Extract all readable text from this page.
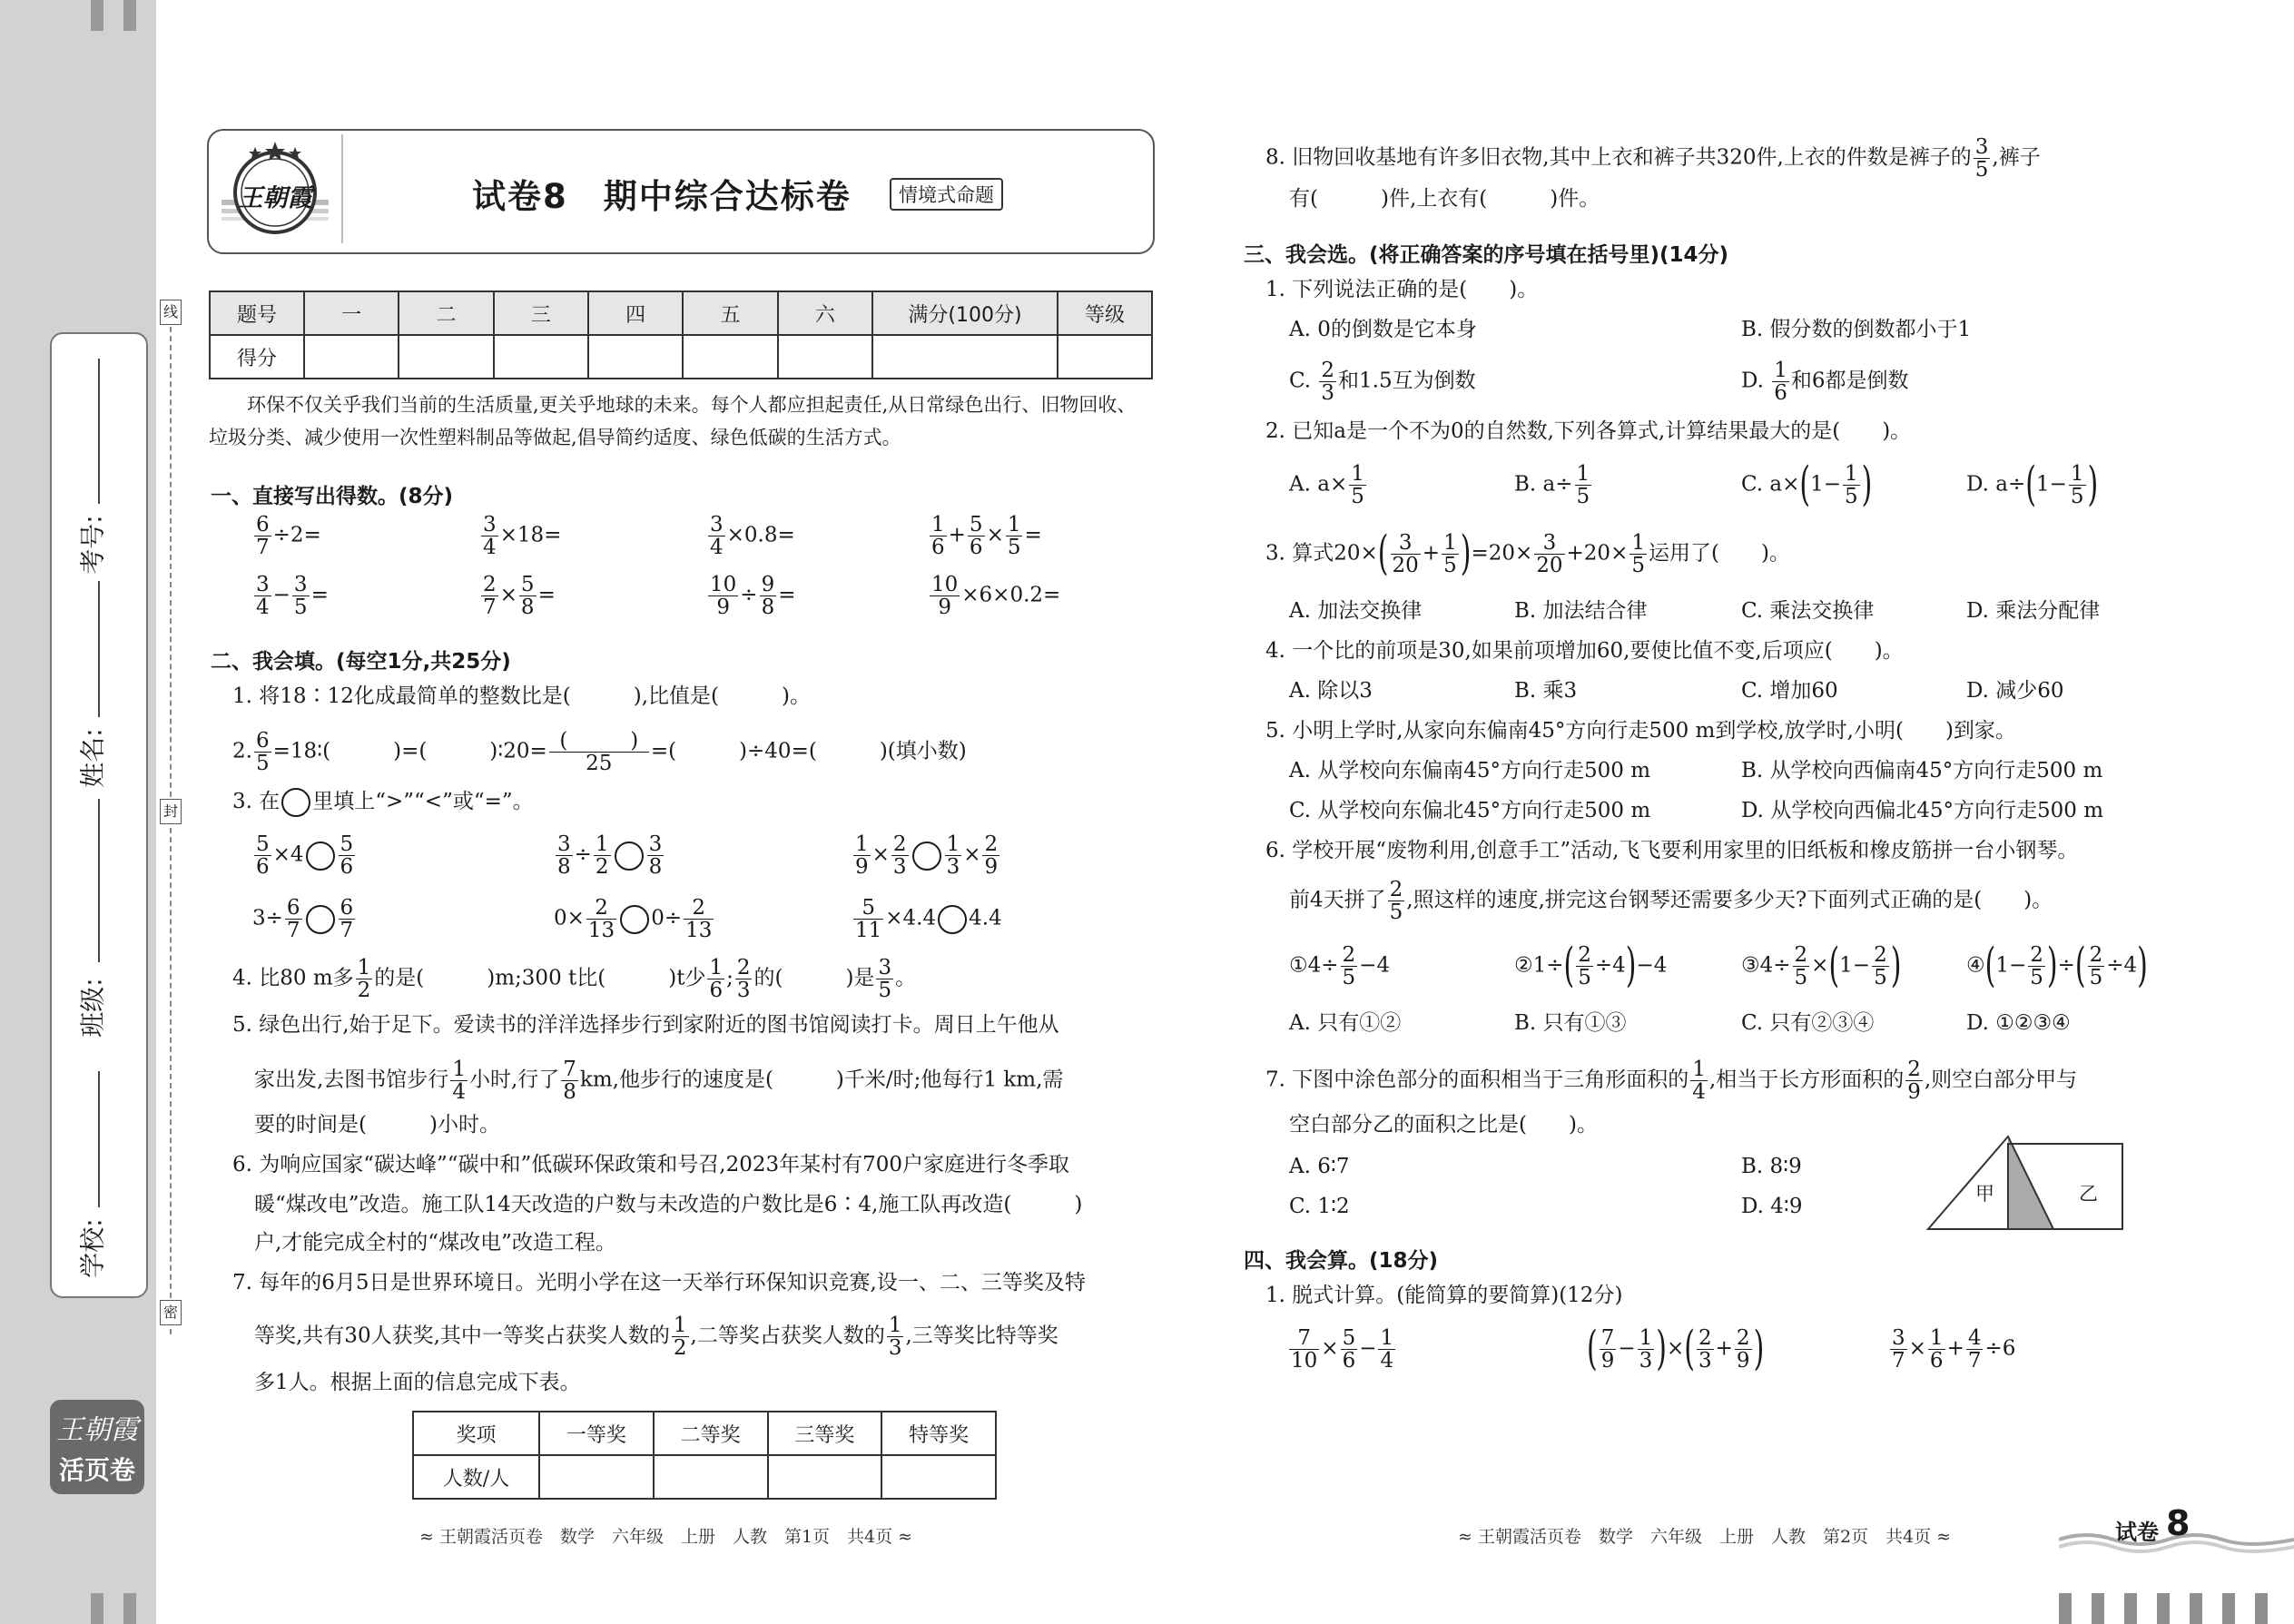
学校:
班级:
姓名:
考号:
线
封
密
王朝霞
活页卷
王朝霞	试卷8　期中综合达标卷	情境式命题
题号	一	二	三	四	五	六	满分(100分)	等级
得分								
环保不仅关乎我们当前的生活质量,更关乎地球的未来。每个人都应担起责任,从日常绿色出行、旧物回收、垃圾分类、减少使用一次性塑料制品等做起,倡导简约适度、绿色低碳的生活方式。
一、直接写出得数。(8分)
$\frac{6}{7} \div 2=$	$\frac{3}{4} \times 18=$	$\frac{3}{4} \times 0.8=$	$\frac{1}{6} + \frac{5}{6} \times \frac{1}{5}$ =
$\frac{3}{4} - \frac{3}{5}$ =	$\frac{2}{7} \times \frac{5}{8}$ =	$\frac{10}{9} \div \frac{9}{8}$ =	$\frac{10}{9} \times 6\times 0.2=$
二、我会填。(每空1分,共25分)
1. 将18∶12化成最简单的整数比是(　　　),比值是(　　　)。
2. $\frac{6}{5}$ =18∶(　　　)=(　　　)∶20= $\frac{( )}{25}$ =(　　　)÷40=(　　　)(填小数)
3. 在 里填上“>”“<”或“=”。
$\frac{5}{6} \times 4 \frac{5}{6}$	$\frac{3}{8} \div \frac{1}{2} \frac{3}{8}$	$\frac{1}{9} \times \frac{2}{3} \frac{1}{3} \times \frac{2}{9}$
$3\div \frac{6}{7} \frac{6}{7}$	$0\times \frac{2}{13} 0\div \frac{2}{13}$	$\frac{5}{11} \times 4.4$ 4.4
4. 比80 m多 $\frac{1}{2}$ 的是(　　　)m;300 t比(　　　)t少 $\frac{1}{6}$ ; $\frac{2}{3}$ 的(　　　)是 $\frac{3}{5}$ 。
5. 绿色出行,始于足下。爱读书的洋洋选择步行到家附近的图书馆阅读打卡。周日上午他从
家出发,去图书馆步行 $\frac{1}{4}$ 小时,行了 $\frac{7}{8}$ km,他步行的速度是(　　　)千米/时;他每行1 km,需
要的时间是(　　　)小时。
6. 为响应国家“碳达峰”“碳中和”低碳环保政策和号召,2023年某村有700户家庭进行冬季取
暖“煤改电”改造。施工队14天改造的户数与未改造的户数比是6∶4,施工队再改造(　　　)
户,才能完成全村的“煤改电”改造工程。
7. 每年的6月5日是世界环境日。光明小学在这一天举行环保知识竞赛,设一、二、三等奖及特
等奖,共有30人获奖,其中一等奖占获奖人数的 $\frac{1}{2}$ ,二等奖占获奖人数的 $\frac{1}{3}$ ,三等奖比特等奖
多1人。根据上面的信息完成下表。
奖项	一等奖	二等奖	三等奖	特等奖
人数/人				
≈ 王朝霞活页卷　数学　六年级　上册　人教　第1页　共4页 ≈
8. 旧物回收基地有许多旧衣物,其中上衣和裤子共320件,上衣的件数是裤子的 $\frac{3}{5}$ ,裤子
有(　　　)件,上衣有(　　　)件。
三、我会选。(将正确答案的序号填在括号里)(14分)
1. 下列说法正确的是(　　)。
A. 0的倒数是它本身	B. 假分数的倒数都小于1
C. $\frac{2}{3}$ 和1.5互为倒数	D. $\frac{1}{6}$ 和6都是倒数
2. 已知a是一个不为0的自然数,下列各算式,计算结果最大的是(　　)。
A. $a\times \frac{1}{5}$	B. $a\div \frac{1}{5}$	C. $a\times(1- \frac{1}{5}$ )	D. $a\div(1- \frac{1}{5}$ )
3. 算式$20\times( \frac{3}{20} + \frac{1}{5} )=20\times \frac{3}{20} +20\times \frac{1}{5}$ 运用了(　　)。
A. 加法交换律	B. 加法结合律	C. 乘法交换律	D. 乘法分配律
4. 一个比的前项是30,如果前项增加60,要使比值不变,后项应(　　)。
A. 除以3	B. 乘3	C. 增加60	D. 减少60
5. 小明上学时,从家向东偏南45°方向行走500 m到学校,放学时,小明(　　)到家。
A. 从学校向东偏南45°方向行走500 m	B. 从学校向西偏南45°方向行走500 m
C. 从学校向东偏北45°方向行走500 m	D. 从学校向西偏北45°方向行走500 m
6. 学校开展“废物利用,创意手工”活动,飞飞要利用家里的旧纸板和橡皮筋拼一台小钢琴。
前4天拼了 $\frac{2}{5}$ ,照这样的速度,拼完这台钢琴还需要多少天?下面列式正确的是(　　)。
①4÷ $\frac{2}{5} -4$	②1÷( $\frac{2}{5} \div 4)-4$	③4÷ $\frac{2}{5} \times(1- \frac{2}{5}$ )	④(1− $\frac{2}{5}$ )÷( $\frac{2}{5} \div 4$)
A. 只有①②	B. 只有①③	C. 只有②③④	D. ①②③④
7. 下图中涂色部分的面积相当于三角形面积的 $\frac{1}{4}$ ,相当于长方形面积的 $\frac{2}{9}$ ,则空白部分甲与
空白部分乙的面积之比是(　　)。
A. 6∶7	B. 8∶9
C. 1∶2	D. 4∶9
甲	乙
四、我会算。(18分)
1. 脱式计算。(能简算的要简算)(12分)
$\frac{7}{10} \times \frac{5}{6} - \frac{1}{4}$	( $\frac{7}{9} - \frac{1}{3}$ )×( $\frac{2}{3} + \frac{2}{9}$ )	$\frac{3}{7} \times \frac{1}{6} + \frac{4}{7} \div 6$
≈ 王朝霞活页卷　数学　六年级　上册　人教　第2页　共4页 ≈	试卷 8
